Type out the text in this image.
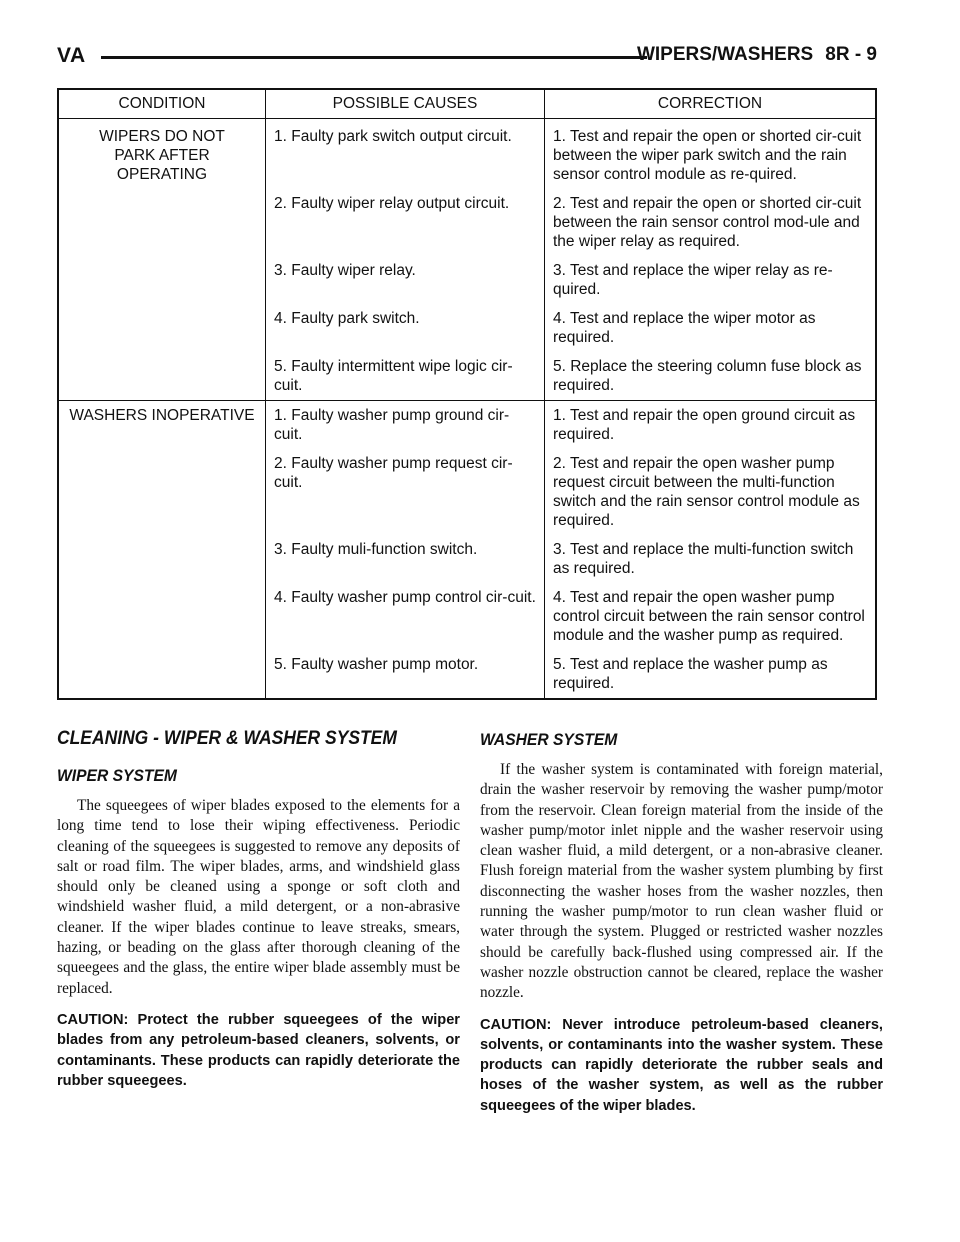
VA	WIPERS/WASHERS 8R - 9
CONDITION	POSSIBLE CAUSES	CORRECTION
WIPERS DO NOT PARK AFTER OPERATING	1. Faulty park switch output circuit.	1. Test and repair the open or shorted cir-cuit between the wiper park switch and the rain sensor control module as re-quired.
	2. Faulty wiper relay output circuit.	2. Test and repair the open or shorted cir-cuit between the rain sensor control mod-ule and the wiper relay as required.
	3. Faulty wiper relay.	3. Test and replace the wiper relay as re-quired.
	4. Faulty park switch.	4. Test and replace the wiper motor as required.
	5. Faulty intermittent wipe logic cir-cuit.	5. Replace the steering column fuse block as required.
WASHERS INOPERATIVE	1. Faulty washer pump ground cir-cuit.	1. Test and repair the open ground circuit as required.
	2. Faulty washer pump request cir-cuit.	2. Test and repair the open washer pump request circuit between the multi-function switch and the rain sensor control module as required.
	3. Faulty muli-function switch.	3. Test and replace the multi-function switch as required.
	4. Faulty washer pump control cir-cuit.	4. Test and repair the open washer pump control circuit between the rain sensor control module and the washer pump as required.
	5. Faulty washer pump motor.	5. Test and replace the washer pump as required.
CLEANING - WIPER & WASHER SYSTEM
WIPER SYSTEM

The squeegees of wiper blades exposed to the elements for a long time tend to lose their wiping effectiveness. Periodic cleaning of the squeegees is suggested to remove any deposits of salt or road film. The wiper blades, arms, and windshield glass should only be cleaned using a sponge or soft cloth and windshield washer fluid, a mild detergent, or a non-abrasive cleaner. If the wiper blades continue to leave streaks, smears, hazing, or beading on the glass after thorough cleaning of the squeegees and the glass, the entire wiper blade assembly must be replaced.

CAUTION: Protect the rubber squeegees of the wiper blades from any petroleum-based cleaners, solvents, or contaminants. These products can rapidly deteriorate the rubber squeegees.

WASHER SYSTEM

If the washer system is contaminated with foreign material, drain the washer reservoir by removing the washer pump/motor from the reservoir. Clean foreign material from the inside of the washer pump/motor inlet nipple and the washer reservoir using clean washer fluid, a mild detergent, or a non-abrasive cleaner. Flush foreign material from the washer system plumbing by first disconnecting the washer hoses from the washer nozzles, then running the washer pump/motor to run clean washer fluid or water through the system. Plugged or restricted washer nozzles should be carefully back-flushed using compressed air. If the washer nozzle obstruction cannot be cleared, replace the washer nozzle.

CAUTION: Never introduce petroleum-based cleaners, solvents, or contaminants into the washer system. These products can rapidly deteriorate the rubber seals and hoses of the washer system, as well as the rubber squeegees of the wiper blades.
